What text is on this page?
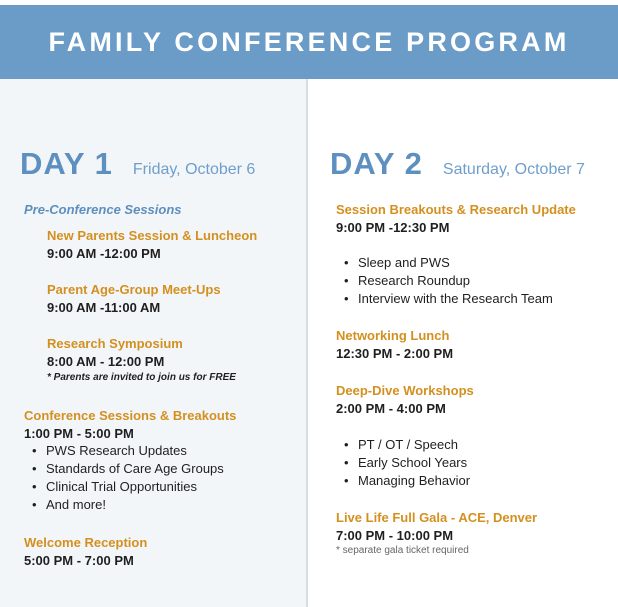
FAMILY CONFERENCE PROGRAM
DAY 1 Friday, October 6
Pre-Conference Sessions
New Parents Session & Luncheon
9:00 AM -12:00 PM
Parent Age-Group Meet-Ups
9:00 AM -11:00 AM
Research Symposium
8:00 AM - 12:00 PM
* Parents are invited to join us for FREE
Conference Sessions & Breakouts
1:00 PM - 5:00 PM
• PWS Research Updates
• Standards of Care Age Groups
• Clinical Trial Opportunities
• And more!
Welcome Reception
5:00 PM - 7:00 PM
DAY 2 Saturday, October 7
Session Breakouts & Research Update
9:00 PM -12:30 PM
• Sleep and PWS
• Research Roundup
• Interview with the Research Team
Networking Lunch
12:30 PM - 2:00 PM
Deep-Dive Workshops
2:00 PM - 4:00 PM
• PT / OT / Speech
• Early School Years
• Managing Behavior
Live Life Full Gala - ACE, Denver
7:00 PM - 10:00 PM
* separate gala ticket required
